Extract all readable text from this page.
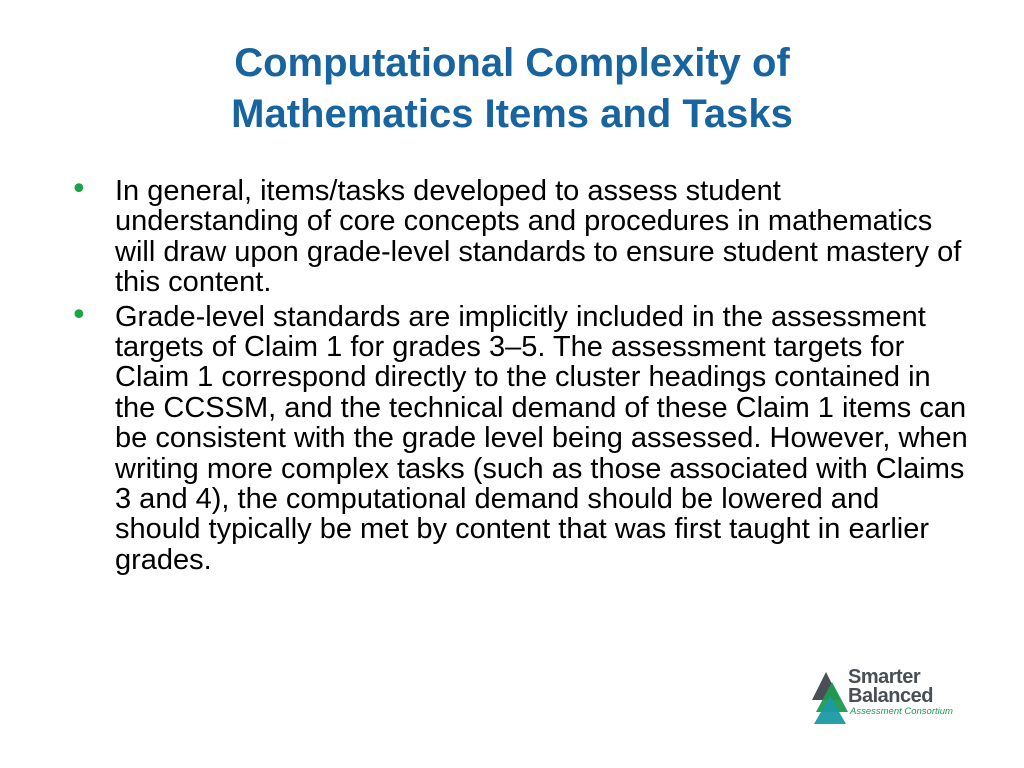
Computational Complexity of
Mathematics Items and Tasks
• In general, items/tasks developed to assess student understanding of core concepts and procedures in mathematics will draw upon grade-level standards to ensure student mastery of this content.
• Grade-level standards are implicitly included in the assessment targets of Claim 1 for grades 3–5. The assessment targets for Claim 1 correspond directly to the cluster headings contained in the CCSSM, and the technical demand of these Claim 1 items can be consistent with the grade level being assessed. However, when writing more complex tasks (such as those associated with Claims 3 and 4), the computational demand should be lowered and should typically be met by content that was first taught in earlier grades.
Smarter
Balanced
Assessment Consortium
